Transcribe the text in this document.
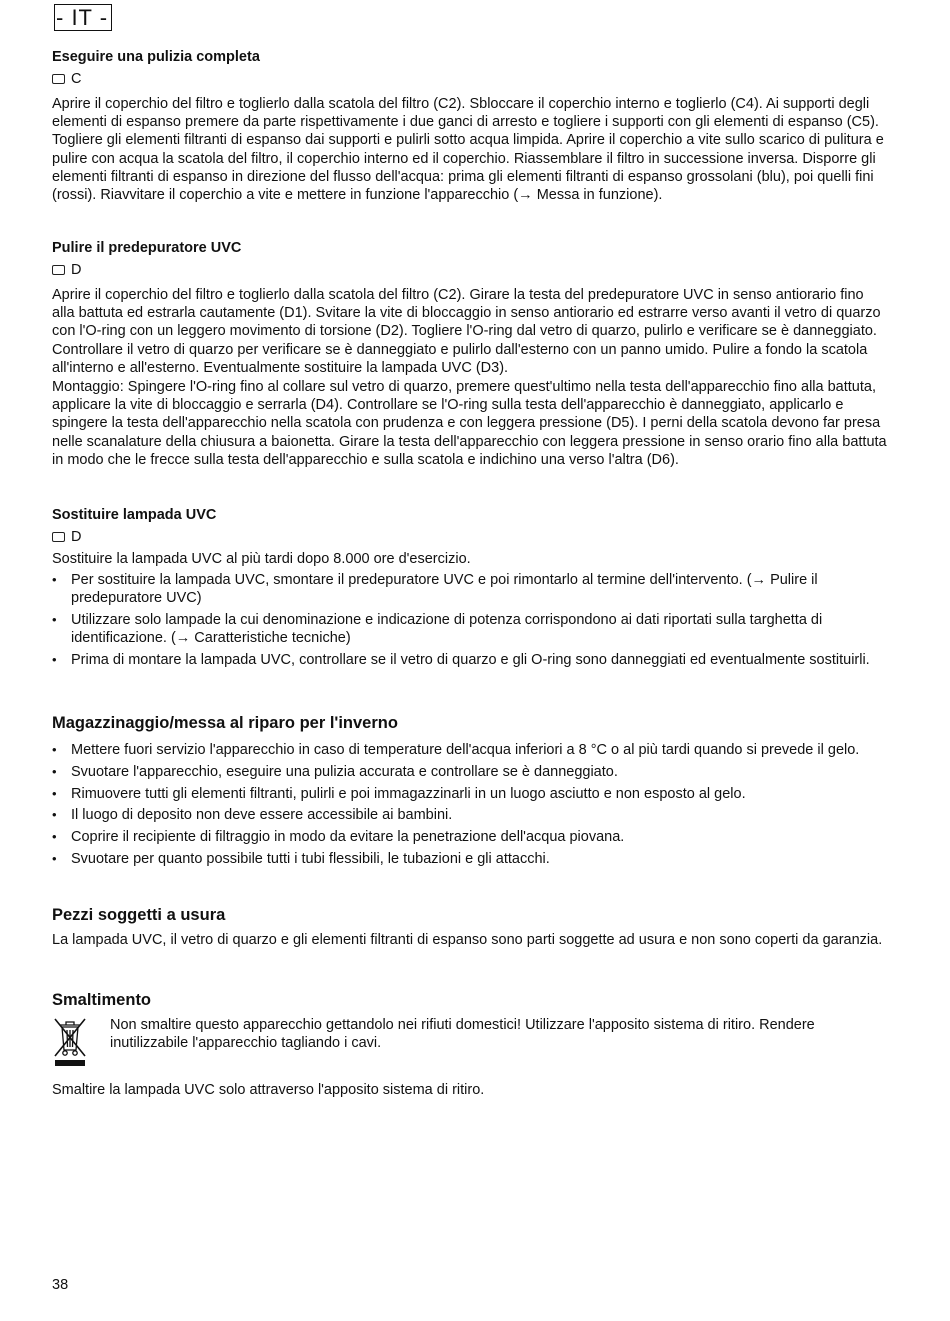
- IT -
Eseguire una pulizia completa
C

Aprire il coperchio del filtro e toglierlo dalla scatola del filtro (C2). Sbloccare il coperchio interno e toglierlo (C4). Ai supporti degli elementi di espanso premere da parte rispettivamente i due ganci di arresto e togliere i supporti con gli elementi di espanso (C5). Togliere gli elementi filtranti di espanso dai supporti e pulirli sotto acqua limpida. Aprire il coperchio a vite sullo scarico di pulitura e pulire con acqua la scatola del filtro, il coperchio interno ed il coperchio. Riassemblare il filtro in successione inversa. Disporre gli elementi filtranti di espanso in direzione del flusso dell'acqua: prima gli elementi filtranti di espanso grossolani (blu), poi quelli fini (rossi). Riavvitare il coperchio a vite e mettere in funzione l'apparecchio (→ Messa in funzione).

Pulire il predepuratore UVC
D

Aprire il coperchio del filtro e toglierlo dalla scatola del filtro (C2). Girare la testa del predepuratore UVC in senso antiorario fino alla battuta ed estrarla cautamente (D1). Svitare la vite di bloccaggio in senso antiorario ed estrarre verso avanti il vetro di quarzo con l'O-ring con un leggero movimento di torsione (D2). Togliere l'O-ring dal vetro di quarzo, pulirlo e verificare se è danneggiato. Controllare il vetro di quarzo per verificare se è danneggiato e pulirlo dall'esterno con un panno umido. Pulire a fondo la scatola all'interno e all'esterno. Eventualmente sostituire la lampada UVC (D3).

Montaggio: Spingere l'O-ring fino al collare sul vetro di quarzo, premere quest'ultimo nella testa dell'apparecchio fino alla battuta, applicare la vite di bloccaggio e serrarla (D4). Controllare se l'O-ring sulla testa dell'apparecchio è danneggiato, applicarlo e spingere la testa dell'apparecchio nella scatola con prudenza e con leggera pressione (D5). I perni della scatola devono far presa nelle scanalature della chiusura a baionetta. Girare la testa dell'apparecchio con leggera pressione in senso orario fino alla battuta in modo che le frecce sulla testa dell'apparecchio e sulla scatola e indichino una verso l'altra (D6).

Sostituire lampada UVC
D

Sostituire la lampada UVC al più tardi dopo 8.000 ore d'esercizio.

• Per sostituire la lampada UVC, smontare il predepuratore UVC e poi rimontarlo al termine dell'intervento. (→ Pulire il predepuratore UVC)
• Utilizzare solo lampade la cui denominazione e indicazione di potenza corrispondono ai dati riportati sulla targhetta di identificazione. (→ Caratteristiche tecniche)
• Prima di montare la lampada UVC, controllare se il vetro di quarzo e gli O-ring sono danneggiati ed eventualmente sostituirli.
Magazzinaggio/messa al riparo per l'inverno
• Mettere fuori servizio l'apparecchio in caso di temperature dell'acqua inferiori a 8 °C o al più tardi quando si prevede il gelo.
• Svuotare l'apparecchio, eseguire una pulizia accurata e controllare se è danneggiato.
• Rimuovere tutti gli elementi filtranti, pulirli e poi immagazzinarli in un luogo asciutto e non esposto al gelo.
• Il luogo di deposito non deve essere accessibile ai bambini.
• Coprire il recipiente di filtraggio in modo da evitare la penetrazione dell'acqua piovana.
• Svuotare per quanto possibile tutti i tubi flessibili, le tubazioni e gli attacchi.
Pezzi soggetti a usura

La lampada UVC, il vetro di quarzo e gli elementi filtranti di espanso sono parti soggette ad usura e non sono coperti da garanzia.

Smaltimento

Non smaltire questo apparecchio gettandolo nei rifiuti domestici! Utilizzare l'apposito sistema di ritiro. Rendere inutilizzabile l'apparecchio tagliando i cavi.

Smaltire la lampada UVC solo attraverso l'apposito sistema di ritiro.

38
